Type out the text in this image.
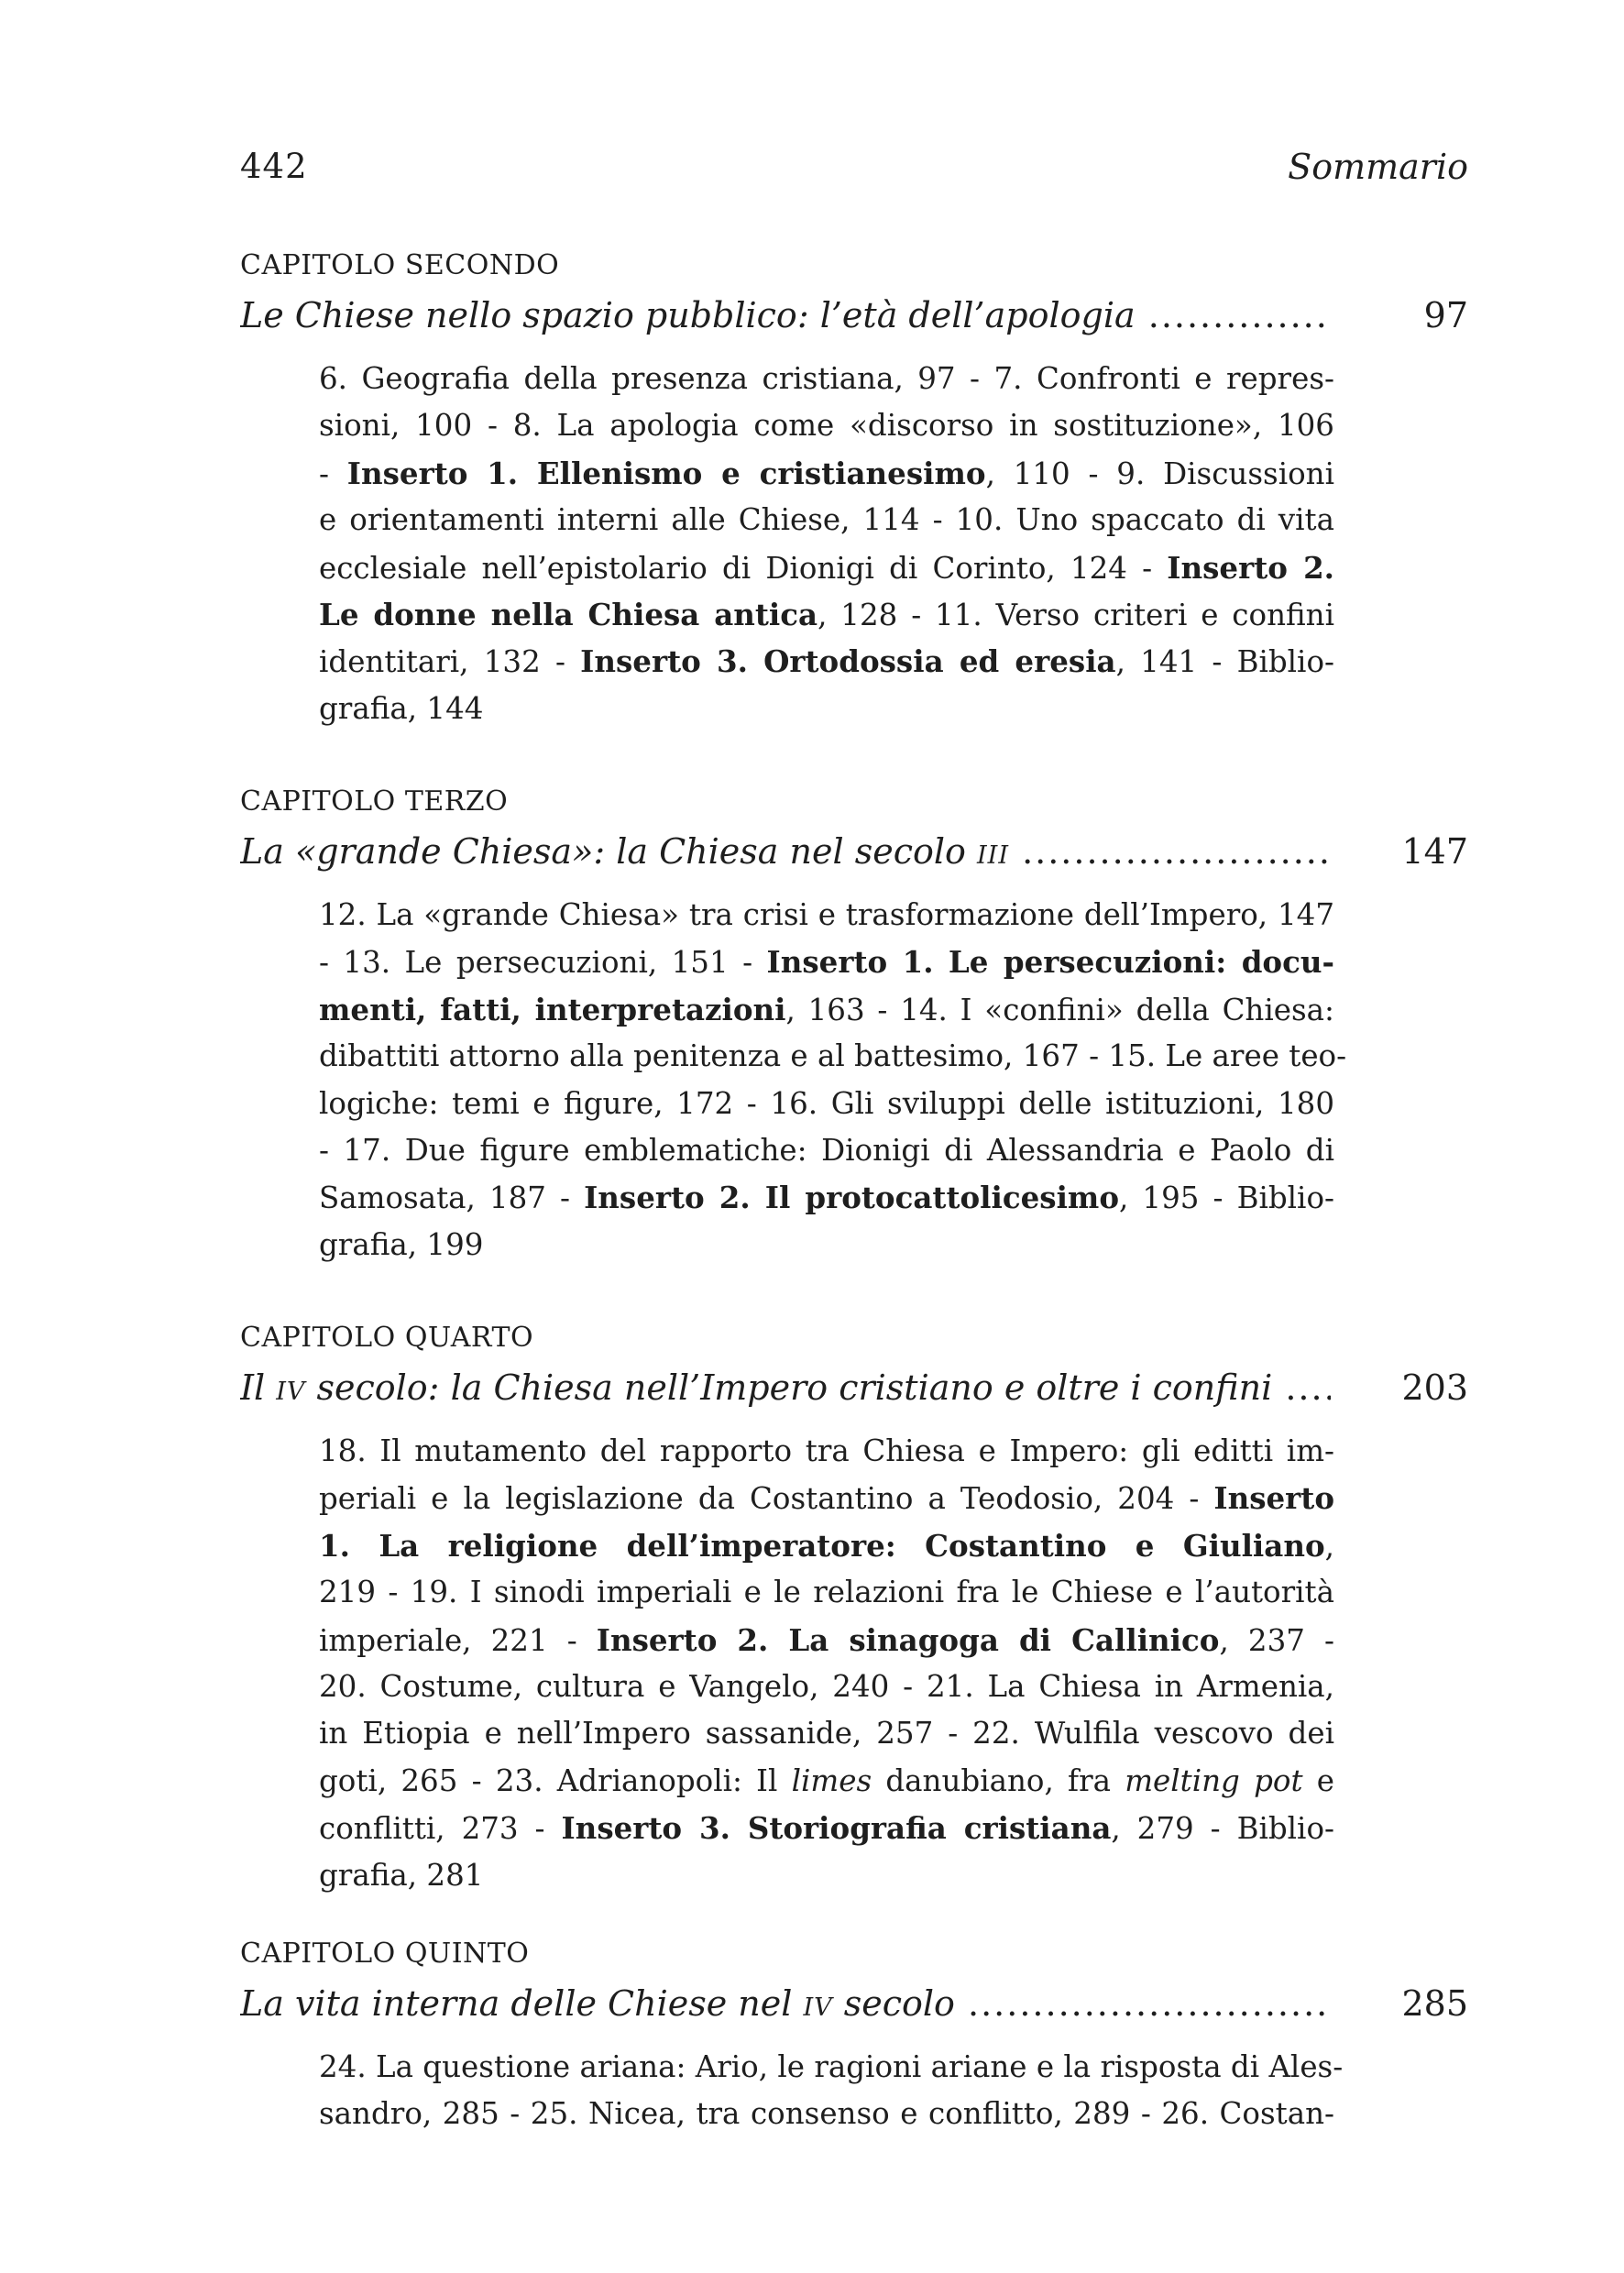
442	Sommario
CAPITOLO SECONDO
Le Chiese nello spazio pubblico: l’età dell’apologia .....	97
6. Geografia della presenza cristiana, 97 - 7. Confronti e repres-
sioni, 100 - 8. La apologia come «discorso in sostituzione», 106
- Inserto 1. Ellenismo e cristianesimo, 110 - 9. Discussioni
e orientamenti interni alle Chiese, 114 - 10. Uno spaccato di vita
ecclesiale nell’epistolario di Dionigi di Corinto, 124 - Inserto 2.
Le donne nella Chiesa antica, 128 - 11. Verso criteri e confini
identitari, 132 - Inserto 3. Ortodossia ed eresia, 141 - Biblio-
grafia, 144
CAPITOLO TERZO
La «grande Chiesa»: la Chiesa nel secolo III .....	147
12. La «grande Chiesa» tra crisi e trasformazione dell’Impero, 147
- 13. Le persecuzioni, 151 - Inserto 1. Le persecuzioni: docu-
menti, fatti, interpretazioni, 163 - 14. I «confini» della Chiesa:
dibattiti attorno alla penitenza e al battesimo, 167 - 15. Le aree teo-
logiche: temi e figure, 172 - 16. Gli sviluppi delle istituzioni, 180
- 17. Due figure emblematiche: Dionigi di Alessandria e Paolo di
Samosata, 187 - Inserto 2. Il protocattolicesimo, 195 - Biblio-
grafia, 199
CAPITOLO QUARTO
Il IV secolo: la Chiesa nell’Impero cristiano e oltre i confini .....	203
18. Il mutamento del rapporto tra Chiesa e Impero: gli editti im-
periali e la legislazione da Costantino a Teodosio, 204 - Inserto
1. La religione dell’imperatore: Costantino e Giuliano,
219 - 19. I sinodi imperiali e le relazioni fra le Chiese e l’autorità
imperiale, 221 - Inserto 2. La sinagoga di Callinico, 237 -
20. Costume, cultura e Vangelo, 240 - 21. La Chiesa in Armenia,
in Etiopia e nell’Impero sassanide, 257 - 22. Wulfila vescovo dei
goti, 265 - 23. Adrianopoli: Il limes danubiano, fra melting pot e
conflitti, 273 - Inserto 3. Storiografia cristiana, 279 - Biblio-
grafia, 281
CAPITOLO QUINTO
La vita interna delle Chiese nel IV secolo .....	285
24. La questione ariana: Ario, le ragioni ariane e la risposta di Ales-
sandro, 285 - 25. Nicea, tra consenso e conflitto, 289 - 26. Costan-
